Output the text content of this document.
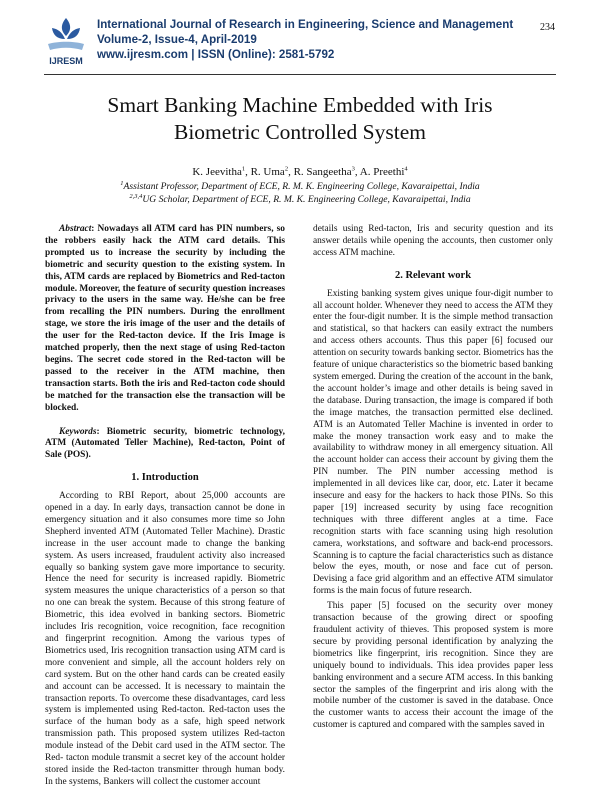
234
IJRESM
International Journal of Research in Engineering, Science and Management
Volume-2, Issue-4, April-2019
www.ijresm.com | ISSN (Online): 2581-5792
Smart Banking Machine Embedded with Iris
Biometric Controlled System
K. Jeevitha$^1$, R. Uma$^2$, R. Sangeetha$^3$, A. Preethi$^4$
$^1$Assistant Professor, Department of ECE, R. M. K. Engineering College, Kavaraipettai, India
$^{2,3,4}$UG Scholar, Department of ECE, R. M. K. Engineering College, Kavaraipettai, India

Abstract: Nowadays all ATM card has PIN numbers, so the robbers easily hack the ATM card details. This prompted us to increase the security by including the biometric and security question to the existing system. In this, ATM cards are replaced by Biometrics and Red-tacton module. Moreover, the feature of security question increases privacy to the users in the same way. He/she can be free from recalling the PIN numbers. During the enrollment stage, we store the iris image of the user and the details of the user for the Red-tacton device. If the Iris Image is matched properly, then the next stage of using Red-tacton begins. The secret code stored in the Red-tacton will be passed to the receiver in the ATM machine, then transaction starts. Both the iris and Red-tacton code should be matched for the transaction else the transaction will be blocked.

Keywords: Biometric security, biometric technology, ATM (Automated Teller Machine), Red-tacton, Point of Sale (POS).

1. Introduction

According to RBI Report, about 25,000 accounts are opened in a day. In early days, transaction cannot be done in emergency situation and it also consumes more time so John Shepherd invented ATM (Automated Teller Machine). Drastic increase in the user account made to change the banking system. As users increased, fraudulent activity also increased equally so banking system gave more importance to security. Hence the need for security is increased rapidly. Biometric system measures the unique characteristics of a person so that no one can break the system. Because of this strong feature of Biometric, this idea evolved in banking sectors. Biometric includes Iris recognition, voice recognition, face recognition and fingerprint recognition. Among the various types of Biometrics used, Iris recognition transaction using ATM card is more convenient and simple, all the account holders rely on card system. But on the other hand cards can be created easily and account can be accessed. It is necessary to maintain the transaction reports. To overcome these disadvantages, card less system is implemented using Red-tacton. Red-tacton uses the surface of the human body as a safe, high speed network transmission path. This proposed system utilizes Red-tacton module instead of the Debit card used in the ATM sector. The Red- tacton module transmit a secret key of the account holder stored inside the Red-tacton transmitter through human body. In the systems, Bankers will collect the customer account

details using Red-tacton, Iris and security question and its answer details while opening the accounts, then customer only access ATM machine.

2. Relevant work

Existing banking system gives unique four-digit number to all account holder. Whenever they need to access the ATM they enter the four-digit number. It is the simple method transaction and statistical, so that hackers can easily extract the numbers and access others accounts. Thus this paper [6] focused our attention on security towards banking sector. Biometrics has the feature of unique characteristics so the biometric based banking system emerged. During the creation of the account in the bank, the account holder’s image and other details is being saved in the database. During transaction, the image is compared if both the image matches, the transaction permitted else declined. ATM is an Automated Teller Machine is invented in order to make the money transaction work easy and to make the availability to withdraw money in all emergency situation. All the account holder can access their account by giving them the PIN number. The PIN number accessing method is implemented in all devices like car, door, etc. Later it became insecure and easy for the hackers to hack those PINs. So this paper [19] increased security by using face recognition techniques with three different angles at a time. Face recognition starts with face scanning using high resolution camera, workstations, and software and back-end processors. Scanning is to capture the facial characteristics such as distance below the eyes, mouth, or nose and face cut of person. Devising a face grid algorithm and an effective ATM simulator forms is the main focus of future research.

This paper [5] focused on the security over money transaction because of the growing direct or spoofing fraudulent activity of thieves. This proposed system is more secure by providing personal identification by analyzing the biometrics like fingerprint, iris recognition. Since they are uniquely bound to individuals. This idea provides paper less banking environment and a secure ATM access. In this banking sector the samples of the fingerprint and iris along with the mobile number of the customer is saved in the database. Once the customer wants to access their account the image of the customer is captured and compared with the samples saved in
